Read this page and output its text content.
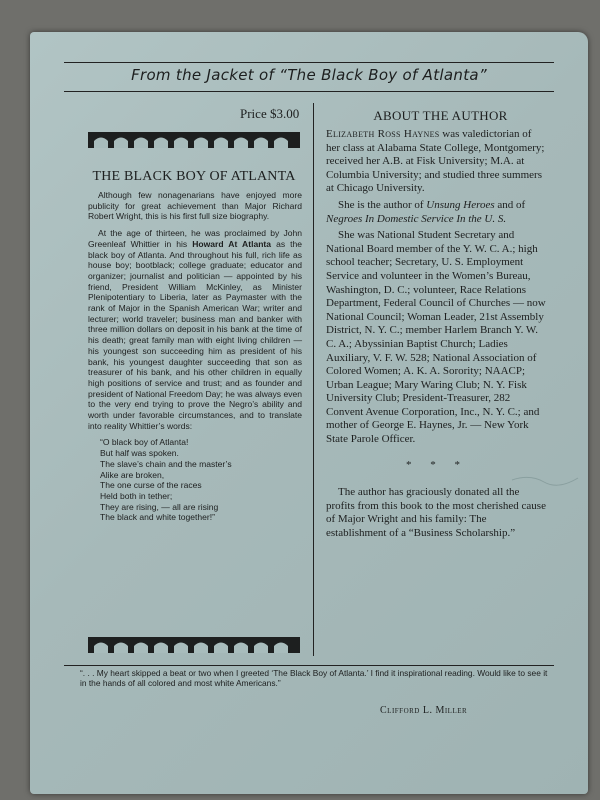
From the Jacket of “The Black Boy of Atlanta”
Price $3.00
THE BLACK BOY OF ATLANTA

Although few nonagenarians have enjoyed more publicity for great achievement than Major Richard Robert Wright, this is his first full size biography.

At the age of thirteen, he was proclaimed by John Greenleaf Whittier in his Howard At Atlanta as the black boy of Atlanta. And throughout his full, rich life as house boy; bootblack; college graduate; educator and organizer; journalist and politician — appointed by his friend, President William McKinley, as Minister Plenipotentiary to Liberia, later as Paymaster with the rank of Major in the Spanish American War; writer and lecturer; world traveler; business man and banker with three million dollars on deposit in his bank at the time of his death; great family man with eight living children — his youngest son succeeding him as president of his bank, his youngest daughter succeeding that son as treasurer of his bank, and his other children in equally high positions of service and trust; and as founder and president of National Freedom Day; he was always even to the very end trying to prove the Negro’s ability and worth under favorable circumstances, and to translate into reality Whittier’s words:

“O black boy of Atlanta!
But half was spoken.
The slave’s chain and the master’s
Alike are broken,
The one curse of the races
Held both in tether;
They are rising, — all are rising
The black and white together!”
ABOUT THE AUTHOR

Elizabeth Ross Haynes was valedictorian of her class at Alabama State College, Montgomery; received her A.B. at Fisk University; M.A. at Columbia University; and studied three summers at Chicago University.

She is the author of Unsung Heroes and of Negroes In Domestic Service In the U. S.

She was National Student Secretary and National Board member of the Y. W. C. A.; high school teacher; Secretary, U. S. Employment Service and volunteer in the Women’s Bureau, Washington, D. C.; volunteer, Race Relations Department, Federal Council of Churches — now National Council; Woman Leader, 21st Assembly District, N. Y. C.; member Harlem Branch Y. W. C. A.; Abyssinian Baptist Church; Ladies Auxiliary, V. F. W. 528; National Association of Colored Women; A. K. A. Sorority; NAACP; Urban League; Mary Waring Club; N. Y. Fisk University Club; President-Treasurer, 282 Convent Avenue Corporation, Inc., N. Y. C.; and mother of George E. Haynes, Jr. — New York State Parole Officer.

* * *

The author has graciously donated all the profits from this book to the most cherished cause of Major Wright and his family: The establishment of a “Business Scholarship.”

“. . . My heart skipped a beat or two when I greeted ‘The Black Boy of Atlanta.’ I find it inspirational reading. Would like to see it in the hands of all colored and most white Americans.”
Clifford L. Miller
